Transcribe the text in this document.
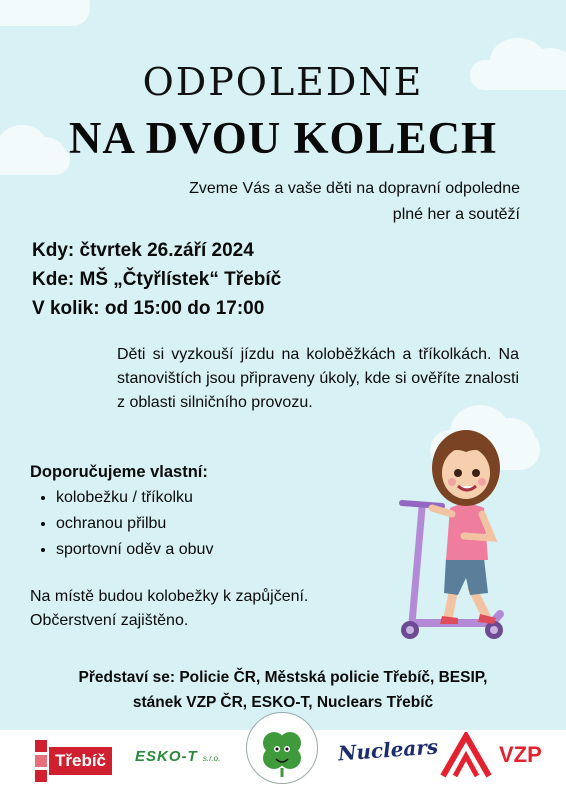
ODPOLEDNE
NA DVOU KOLECH
Zveme Vás a vaše děti na dopravní odpoledne
plné her a soutěží
Kdy: čtvrtek 26.září 2024
Kde: MŠ „Čtyřlístek“ Třebíč
V kolik: od 15:00 do 17:00
Děti si vyzkouší jízdu na koloběžkách a tříkolkách. Na stanovištích jsou připraveny úkoly, kde si ověříte znalosti z oblasti silničního provozu.
Doporučujeme vlastní:
• kolobežku / tříkolku
• ochranou přilbu
• sportovní oděv a obuv
Na místě budou kolobežky k zapůjčení.
Občerstvení zajištěno.
Představí se: Policie ČR, Městská policie Třebíč, BESIP,
stánek VZP ČR, ESKO-T, Nuclears Třebíč
Třebíč	ESKO-T s.r.o.	Nuclears	VZP
